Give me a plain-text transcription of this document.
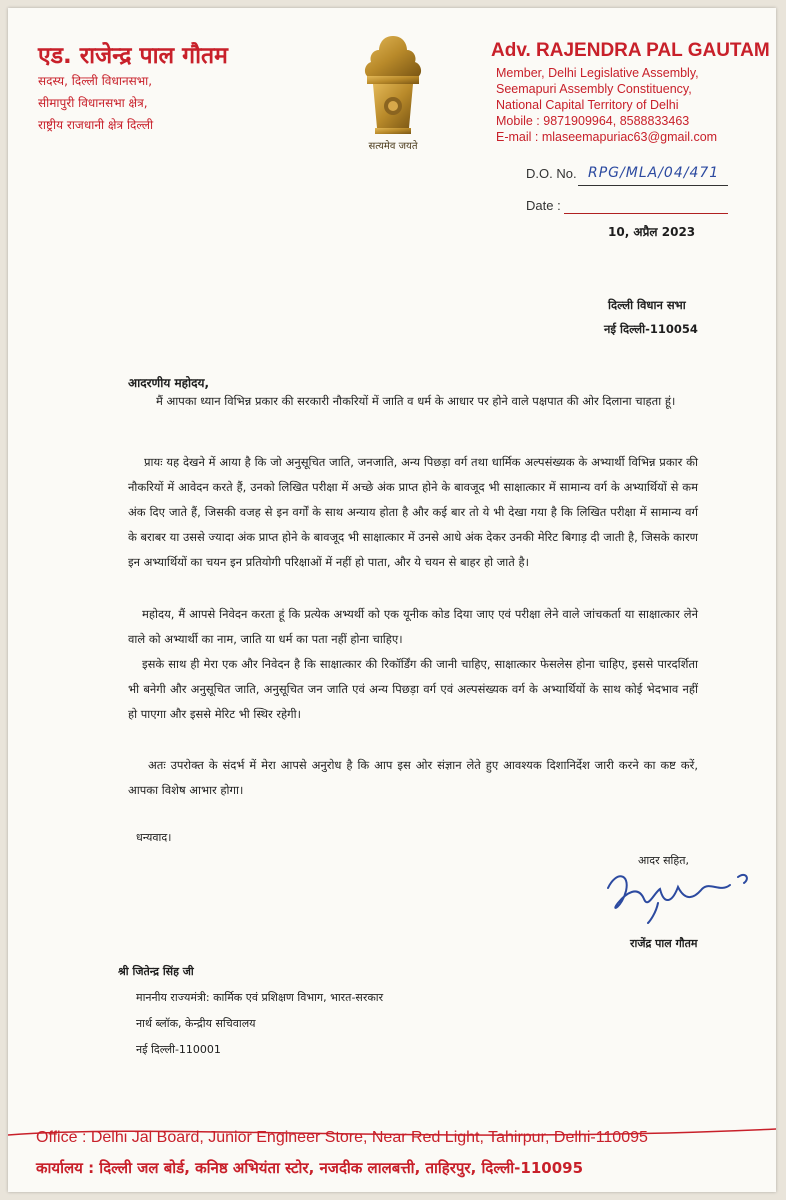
एड. राजेन्द्र पाल गौतम
सदस्य, दिल्ली विधानसभा,
सीमापुरी विधानसभा क्षेत्र,
राष्ट्रीय राजधानी क्षेत्र दिल्ली
सत्यमेव जयते
Adv. RAJENDRA PAL GAUTAM
Member, Delhi Legislative Assembly,
Seemapuri Assembly Constituency,
National Capital Territory of Delhi
Mobile : 9871909964, 8588833463
E-mail : mlaseemapuriac63@gmail.com
D.O. No. RPG/MLA/04/471
Date :
10, अप्रैल 2023
दिल्ली विधान सभा
नई दिल्ली-110054
आदरणीय महोदय,

मैं आपका ध्यान विभिन्न प्रकार की सरकारी नौकरियों में जाति व धर्म के आधार पर होने वाले पक्षपात की ओर दिलाना चाहता हूं।

प्रायः यह देखने में आया है कि जो अनुसूचित जाति, जनजाति, अन्य पिछड़ा वर्ग तथा धार्मिक अल्पसंख्यक के अभ्यार्थी विभिन्न प्रकार की नौकरियों में आवेदन करते हैं, उनको लिखित परीक्षा में अच्छे अंक प्राप्त होने के बावजूद भी साक्षात्कार में सामान्य वर्ग के अभ्यार्थियों से कम अंक दिए जाते हैं, जिसकी वजह से इन वर्गों के साथ अन्याय होता है और कई बार तो ये भी देखा गया है कि लिखित परीक्षा में सामान्य वर्ग के बराबर या उससे ज्यादा अंक प्राप्त होने के बावजूद भी साक्षात्कार में उनसे आधे अंक देकर उनकी मेरिट बिगाड़ दी जाती है, जिसके कारण इन अभ्यार्थियों का चयन इन प्रतियोगी परिक्षाओं में नहीं हो पाता, और ये चयन से बाहर हो जाते है।

महोदय, मैं आपसे निवेदन करता हूं कि प्रत्येक अभ्यर्थी को एक यूनीक कोड दिया जाए एवं परीक्षा लेने वाले जांचकर्ता या साक्षात्कार लेने वाले को अभ्यार्थी का नाम, जाति या धर्म का पता नहीं होना चाहिए।

इसके साथ ही मेरा एक और निवेदन है कि साक्षात्कार की रिकॉर्डिंग की जानी चाहिए, साक्षात्कार फेसलेस होना चाहिए, इससे पारदर्शिता भी बनेगी और अनुसूचित जाति, अनुसूचित जन जाति एवं अन्य पिछड़ा वर्ग एवं अल्पसंख्यक वर्ग के अभ्यार्थियों के साथ कोई भेदभाव नहीं हो पाएगा और इससे मेरिट भी स्थिर रहेगी।

अतः उपरोक्त के संदर्भ में मेरा आपसे अनुरोध है कि आप इस ओर संज्ञान लेते हुए आवश्यक दिशानिर्देश जारी करने का कष्ट करें, आपका विशेष आभार होगा।

धन्यवाद।
आदर सहित,
राजेंद्र पाल गौतम
श्री जितेन्द्र सिंह जी
माननीय राज्यमंत्री: कार्मिक एवं प्रशिक्षण विभाग, भारत-सरकार
नार्थ ब्लॉक, केन्द्रीय सचिवालय
नई दिल्ली-110001
Office : Delhi Jal Board, Junior Engineer Store, Near Red Light, Tahirpur, Delhi-110095
कार्यालय : दिल्ली जल बोर्ड, कनिष्ठ अभियंता स्टोर, नजदीक लालबत्ती, ताहिरपुर, दिल्ली-110095
